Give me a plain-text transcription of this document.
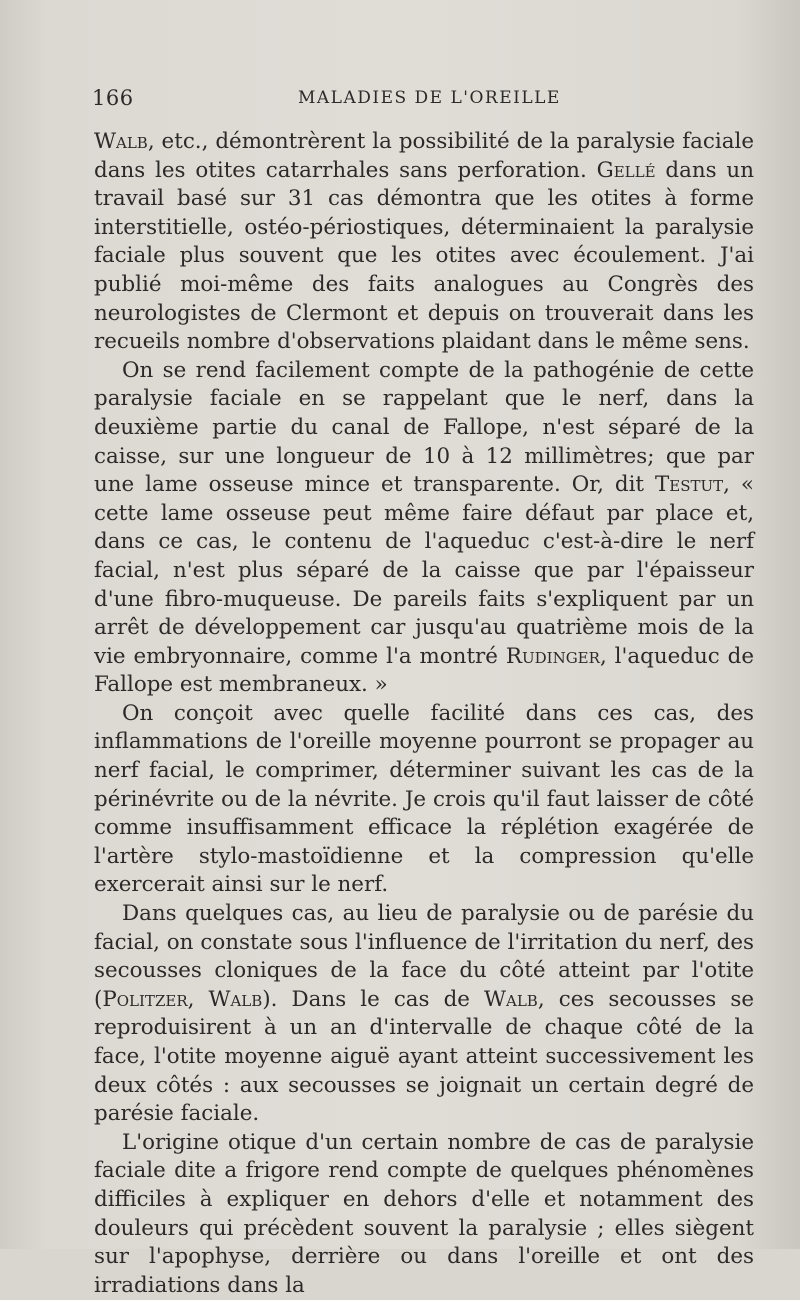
166	MALADIES DE L'OREILLE

Walb, etc., démontrèrent la possibilité de la paralysie faciale dans les otites catarrhales sans perforation. Gellé dans un travail basé sur 31 cas démontra que les otites à forme interstitielle, ostéo-périostiques, déterminaient la paralysie faciale plus souvent que les otites avec écoulement. J'ai publié moi-même des faits analogues au Congrès des neurologistes de Clermont et depuis on trouverait dans les recueils nombre d'observations plaidant dans le même sens.

On se rend facilement compte de la pathogénie de cette paralysie faciale en se rappelant que le nerf, dans la deuxième partie du canal de Fallope, n'est séparé de la caisse, sur une longueur de 10 à 12 millimètres; que par une lame osseuse mince et transparente. Or, dit Testut, « cette lame osseuse peut même faire défaut par place et, dans ce cas, le contenu de l'aqueduc c'est-à-dire le nerf facial, n'est plus séparé de la caisse que par l'épaisseur d'une fibro-muqueuse. De pareils faits s'expliquent par un arrêt de développement car jusqu'au quatrième mois de la vie embryonnaire, comme l'a montré Rudinger, l'aqueduc de Fallope est membraneux. »

On conçoit avec quelle facilité dans ces cas, des inflammations de l'oreille moyenne pourront se propager au nerf facial, le comprimer, déterminer suivant les cas de la périnévrite ou de la névrite. Je crois qu'il faut laisser de côté comme insuffisamment efficace la réplétion exagérée de l'artère stylo-mastoïdienne et la compression qu'elle exercerait ainsi sur le nerf.

Dans quelques cas, au lieu de paralysie ou de parésie du facial, on constate sous l'influence de l'irritation du nerf, des secousses cloniques de la face du côté atteint par l'otite (Politzer, Walb). Dans le cas de Walb, ces secousses se reproduisirent à un an d'intervalle de chaque côté de la face, l'otite moyenne aiguë ayant atteint successivement les deux côtés : aux secousses se joignait un certain degré de parésie faciale.

L'origine otique d'un certain nombre de cas de paralysie faciale dite a frigore rend compte de quelques phénomènes difficiles à expliquer en dehors d'elle et notamment des douleurs qui précèdent souvent la paralysie ; elles siègent sur l'apophyse, derrière ou dans l'oreille et ont des irradiations dans la
